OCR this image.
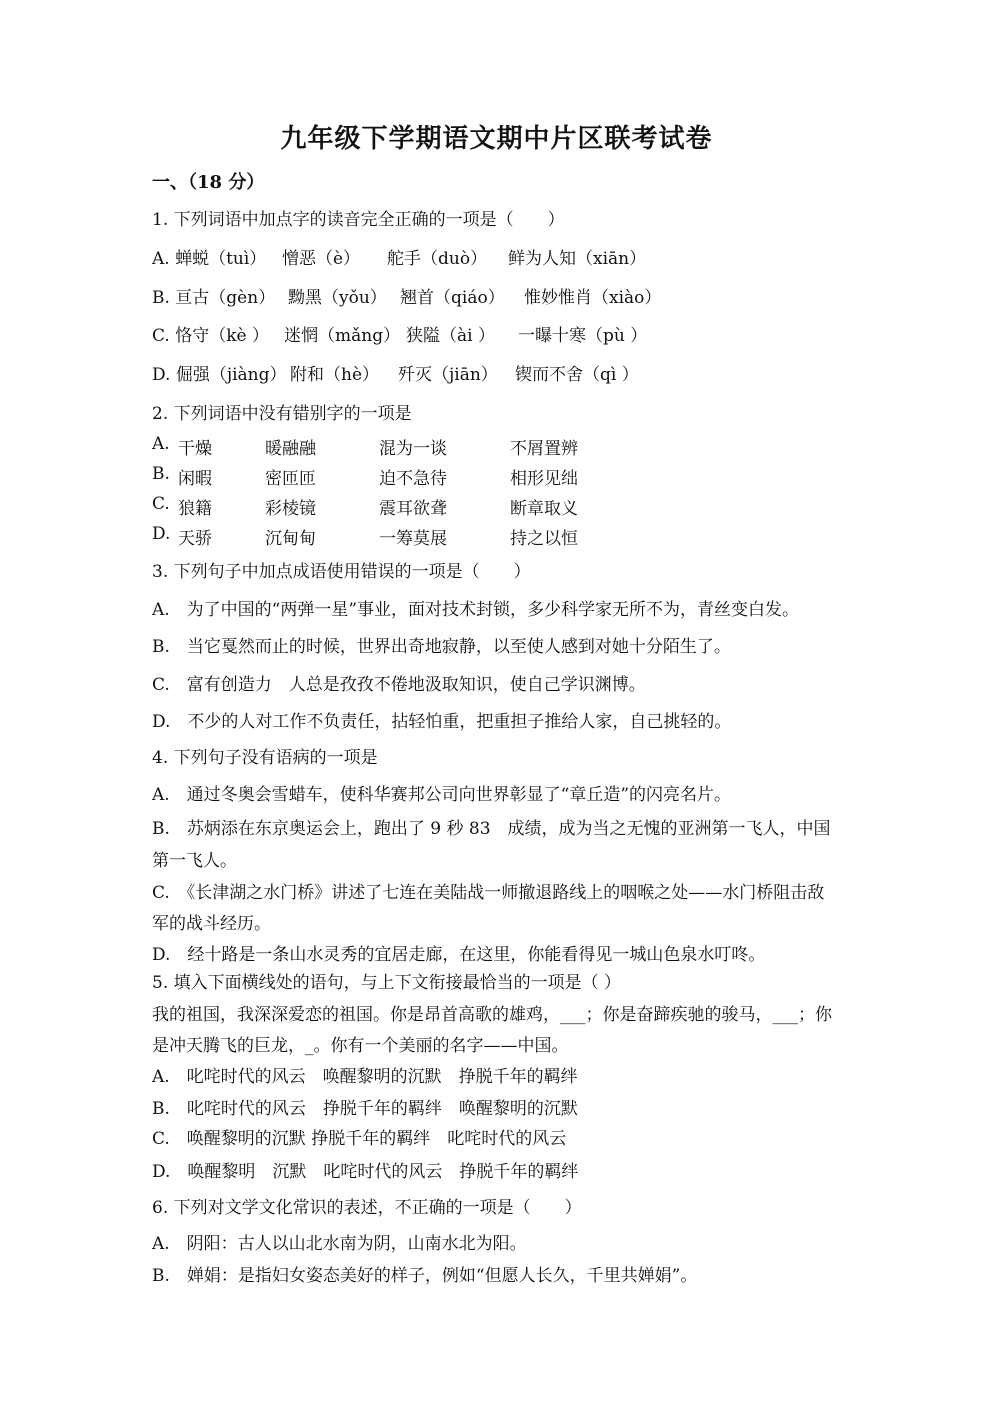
九年级下学期语文期中片区联考试卷
一、（18 分）
1. 下列词语中加点字的读音完全正确的一项是（　　）
A. 蝉蜕（tuì） 憎恶（è） 舵手（duò） 鲜为人知（xiān）
B. 亘古（gèn） 黝黑（yǒu） 翘首（qiáo） 惟妙惟肖（xiào）
C. 恪守（kè ） 迷惘（mǎng） 狭隘（ài ） 一曝十寒（pù ）
D. 倔强（jiàng） 附和（hè） 歼灭（jiān） 锲而不舍（qì ）
2. 下列词语中没有错别字的一项是
A. 干燥	暖融融	混为一谈	不屑置辨
B. 闲暇	密匝匝	迫不急待	相形见绌
C. 狼籍	彩棱镜	震耳欲聋	断章取义
D. 天骄	沉甸甸	一筹莫展	持之以恒
3. 下列句子中加点成语使用错误的一项是（　　）
A.　为了中国的“两弹一星”事业，面对技术封锁，多少科学家无所不为，青丝变白发。
B.　当它戛然而止的时候，世界出奇地寂静，以至使人感到对她十分陌生了。
C.　富有创造力　人总是孜孜不倦地汲取知识，使自己学识渊博。
D.　不少的人对工作不负责任，拈轻怕重，把重担子推给人家，自己挑轻的。
4. 下列句子没有语病的一项是
A.　通过冬奥会雪蜡车，使科华赛邦公司向世界彰显了“章丘造”的闪亮名片。
B.　苏炳添在东京奥运会上，跑出了 9 秒 83　成绩，成为当之无愧的亚洲第一飞人，中国
第一飞人。
C.　《长津湖之水门桥》讲述了七连在美陆战一师撤退路线上的咽喉之处——水门桥阻击敌
军的战斗经历。
D.　经十路是一条山水灵秀的宜居走廊，在这里，你能看得见一城山色泉水叮咚。
5. 填入下面横线处的语句，与上下文衔接最恰当的一项是（ ）
我的祖国，我深深爱恋的祖国。你是昂首高歌的雄鸡，___；你是奋蹄疾驰的骏马，___；你
是冲天腾飞的巨龙，_。你有一个美丽的名字——中国。
A.　叱咤时代的风云　唤醒黎明的沉默　挣脱千年的羁绊
B.　叱咤时代的风云　挣脱千年的羁绊　唤醒黎明的沉默
C.　唤醒黎明的沉默 挣脱千年的羁绊　叱咤时代的风云
D.　唤醒黎明　沉默　叱咤时代的风云　挣脱千年的羁绊
6. 下列对文学文化常识的表述，不正确的一项是（　　）
A.　阴阳：古人以山北水南为阴，山南水北为阳。
B.　婵娟：是指妇女姿态美好的样子，例如“但愿人长久，千里共婵娟”。
